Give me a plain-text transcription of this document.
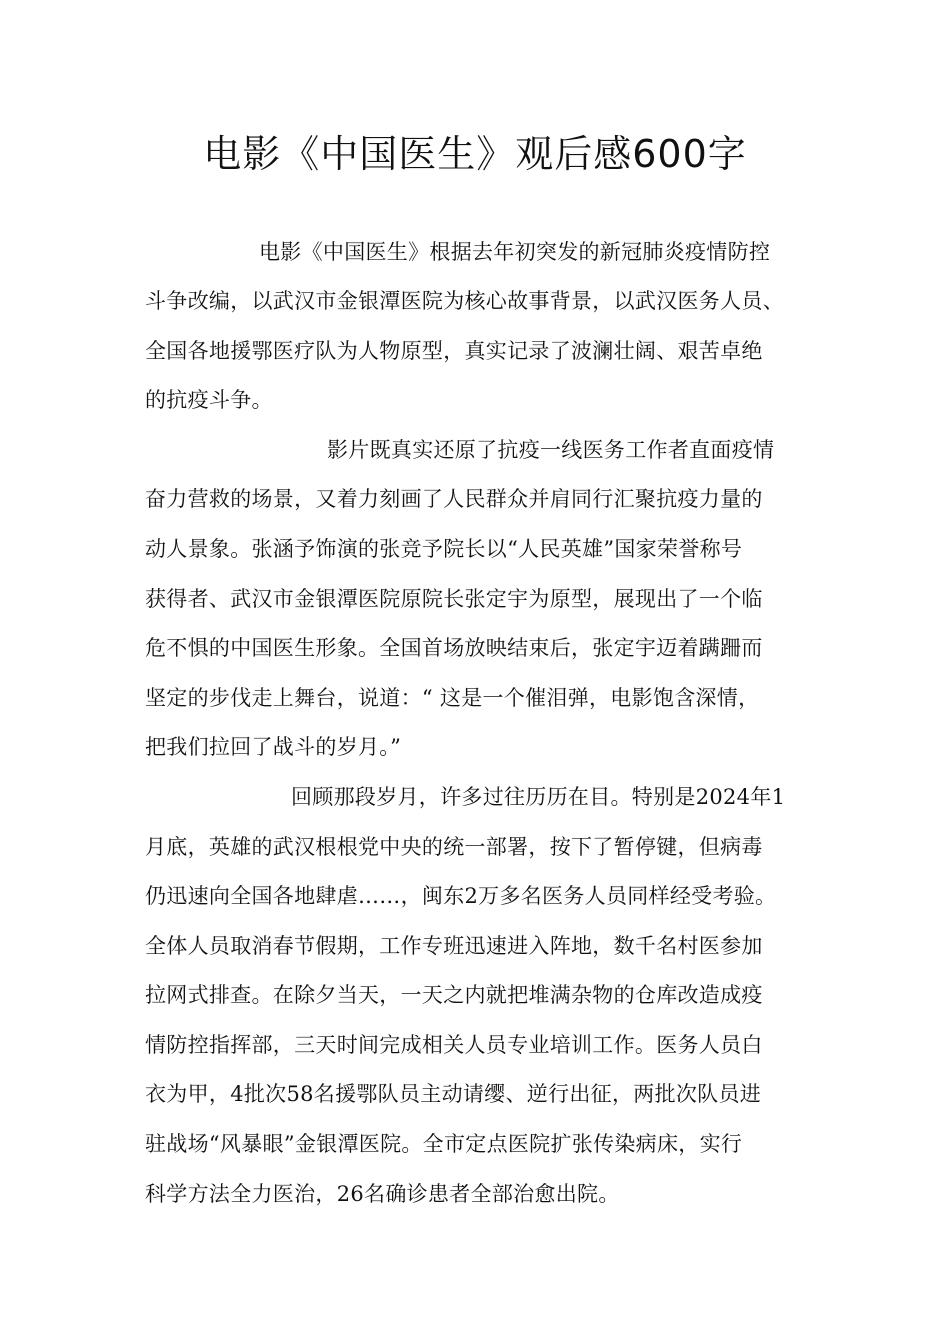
电影《中国医生》观后感600字
电影《中国医生》根据去年初突发的新冠肺炎疫情防控
斗争改编，以武汉市金银潭医院为核心故事背景，以武汉医务人员、
全国各地援鄂医疗队为人物原型，真实记录了波澜壮阔、艰苦卓绝
的抗疫斗争。
影片既真实还原了抗疫一线医务工作者直面疫情
奋力营救的场景，又着力刻画了人民群众并肩同行汇聚抗疫力量的
动人景象。张涵予饰演的张竞予院长以“人民英雄”国家荣誉称号
获得者、武汉市金银潭医院原院长张定宇为原型，展现出了一个临
危不惧的中国医生形象。全国首场放映结束后，张定宇迈着蹒跚而
坚定的步伐走上舞台，说道：“ 这是一个催泪弹，电影饱含深情，
把我们拉回了战斗的岁月。”
回顾那段岁月，许多过往历历在目。特别是2024年1
月底，英雄的武汉根根党中央的统一部署，按下了暂停键，但病毒
仍迅速向全国各地肆虐……，闽东2万多名医务人员同样经受考验。
全体人员取消春节假期，工作专班迅速进入阵地，数千名村医参加
拉网式排查。在除夕当天，一天之内就把堆满杂物的仓库改造成疫
情防控指挥部，三天时间完成相关人员专业培训工作。医务人员白
衣为甲，4批次58名援鄂队员主动请缨、逆行出征，两批次队员进
驻战场“风暴眼”金银潭医院。全市定点医院扩张传染病床，实行
科学方法全力医治，26名确诊患者全部治愈出院。
